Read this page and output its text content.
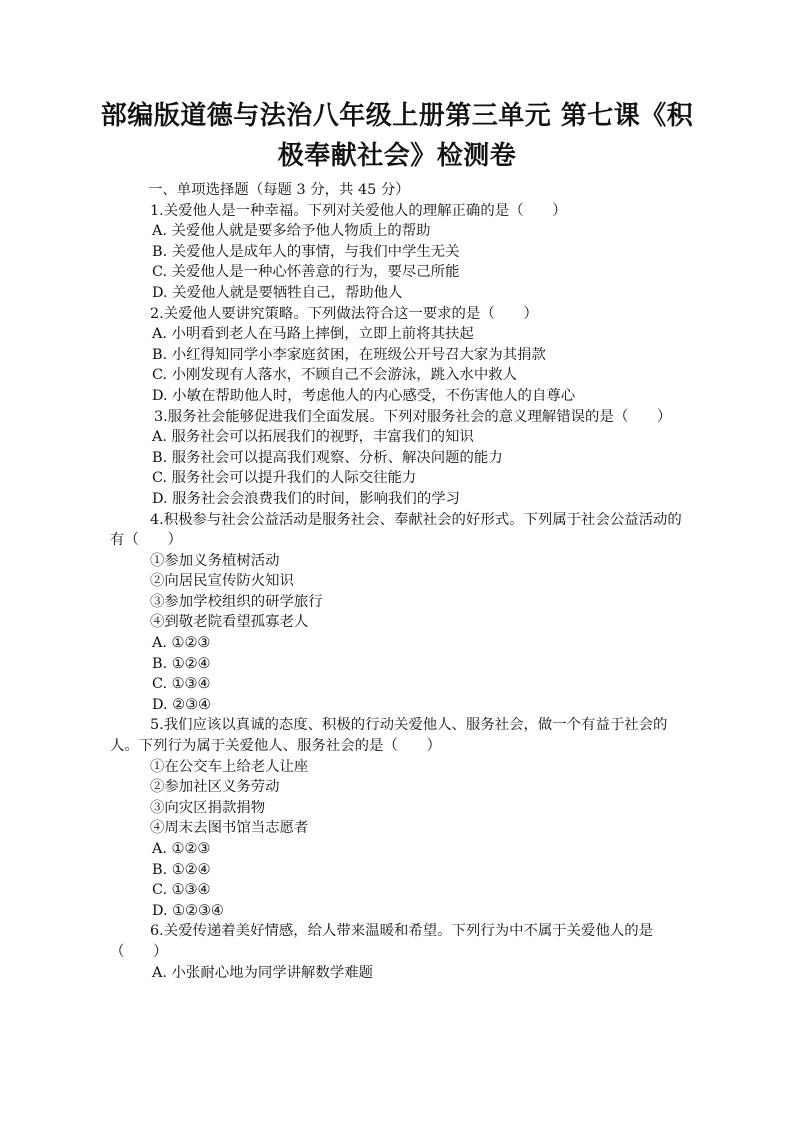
部编版道德与法治八年级上册第三单元 第七课《积极奉献社会》检测卷
一、单项选择题（每题 3 分，共 45 分）
1.关爱他人是一种幸福。下列对关爱他人的理解正确的是（　　）
A. 关爱他人就是要多给予他人物质上的帮助
B. 关爱他人是成年人的事情，与我们中学生无关
C. 关爱他人是一种心怀善意的行为，要尽己所能
D. 关爱他人就是要牺牲自己，帮助他人
2.关爱他人要讲究策略。下列做法符合这一要求的是（　　）
A. 小明看到老人在马路上摔倒，立即上前将其扶起
B. 小红得知同学小李家庭贫困，在班级公开号召大家为其捐款
C. 小刚发现有人落水，不顾自己不会游泳，跳入水中救人
D. 小敏在帮助他人时，考虑他人的内心感受，不伤害他人的自尊心
3.服务社会能够促进我们全面发展。下列对服务社会的意义理解错误的是（　　）
A. 服务社会可以拓展我们的视野，丰富我们的知识
B. 服务社会可以提高我们观察、分析、解决问题的能力
C. 服务社会可以提升我们的人际交往能力
D. 服务社会会浪费我们的时间，影响我们的学习
4.积极参与社会公益活动是服务社会、奉献社会的好形式。下列属于社会公益活动的有（　　）
①参加义务植树活动
②向居民宣传防火知识
③参加学校组织的研学旅行
④到敬老院看望孤寡老人
A. ①②③
B. ①②④
C. ①③④
D. ②③④
5.我们应该以真诚的态度、积极的行动关爱他人、服务社会，做一个有益于社会的人。下列行为属于关爱他人、服务社会的是（　　）
①在公交车上给老人让座
②参加社区义务劳动
③向灾区捐款捐物
④周末去图书馆当志愿者
A. ①②③
B. ①②④
C. ①③④
D. ①②③④
6.关爱传递着美好情感，给人带来温暖和希望。下列行为中不属于关爱他人的是（　　）
A. 小张耐心地为同学讲解数学难题
